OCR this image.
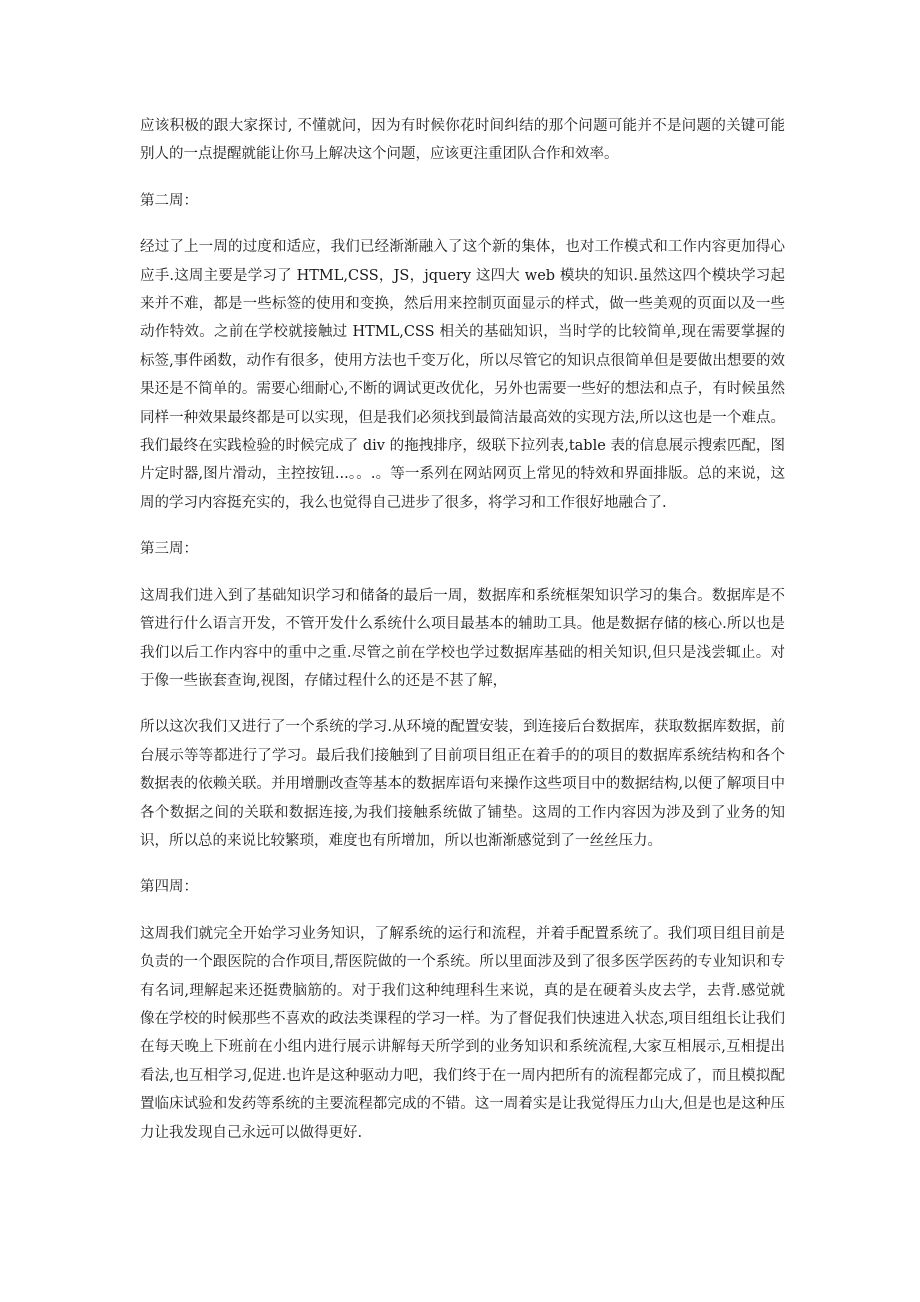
应该积极的跟大家探讨, 不懂就问，因为有时候你花时间纠结的那个问题可能并不是问题的关键可能别人的一点提醒就能让你马上解决这个问题，应该更注重团队合作和效率。

第二周：

经过了上一周的过度和适应，我们已经渐渐融入了这个新的集体，也对工作模式和工作内容更加得心应手.这周主要是学习了 HTML,CSS，JS，jquery 这四大 web 模块的知识.虽然这四个模块学习起来并不难，都是一些标签的使用和变换，然后用来控制页面显示的样式，做一些美观的页面以及一些动作特效。之前在学校就接触过 HTML,CSS 相关的基础知识，当时学的比较简单,现在需要掌握的标签,事件函数，动作有很多，使用方法也千变万化，所以尽管它的知识点很简单但是要做出想要的效果还是不简单的。需要心细耐心,不断的调试更改优化，另外也需要一些好的想法和点子，有时候虽然同样一种效果最终都是可以实现，但是我们必须找到最简洁最高效的实现方法,所以这也是一个难点。我们最终在实践检验的时候完成了 div 的拖拽排序，级联下拉列表,table 表的信息展示搜索匹配，图片定时器,图片滑动，主控按钮...。。.。等一系列在网站网页上常见的特效和界面排版。总的来说，这周的学习内容挺充实的，我么也觉得自己进步了很多，将学习和工作很好地融合了.

第三周：

这周我们进入到了基础知识学习和储备的最后一周，数据库和系统框架知识学习的集合。数据库是不管进行什么语言开发，不管开发什么系统什么项目最基本的辅助工具。他是数据存储的核心.所以也是我们以后工作内容中的重中之重.尽管之前在学校也学过数据库基础的相关知识,但只是浅尝辄止。对于像一些嵌套查询,视图，存储过程什么的还是不甚了解，

所以这次我们又进行了一个系统的学习.从环境的配置安装，到连接后台数据库，获取数据库数据，前台展示等等都进行了学习。最后我们接触到了目前项目组正在着手的的项目的数据库系统结构和各个数据表的依赖关联。并用增删改查等基本的数据库语句来操作这些项目中的数据结构,以便了解项目中各个数据之间的关联和数据连接,为我们接触系统做了铺垫。这周的工作内容因为涉及到了业务的知识，所以总的来说比较繁琐，难度也有所增加，所以也渐渐感觉到了一丝丝压力。

第四周：

这周我们就完全开始学习业务知识，了解系统的运行和流程，并着手配置系统了。我们项目组目前是负责的一个跟医院的合作项目,帮医院做的一个系统。所以里面涉及到了很多医学医药的专业知识和专有名词,理解起来还挺费脑筋的。对于我们这种纯理科生来说，真的是在硬着头皮去学，去背.感觉就像在学校的时候那些不喜欢的政法类课程的学习一样。为了督促我们快速进入状态,项目组组长让我们在每天晚上下班前在小组内进行展示讲解每天所学到的业务知识和系统流程,大家互相展示,互相提出看法,也互相学习,促进.也许是这种驱动力吧，我们终于在一周内把所有的流程都完成了，而且模拟配置临床试验和发药等系统的主要流程都完成的不错。这一周着实是让我觉得压力山大,但是也是这种压力让我发现自己永远可以做得更好.
